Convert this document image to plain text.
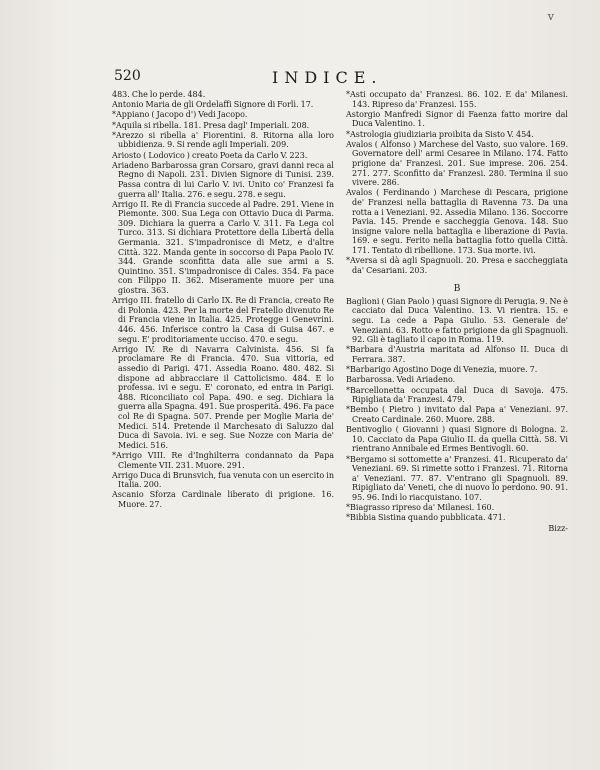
520	INDICE.
v

483. Che lo perde. 484.

Antonio Maria de gli Ordelaffi Signore di Forlì. 17.

*Appiano ( Jacopo d') Vedi Jacopo.

*Aquila si ribella. 181. Presa dagl' Imperiali. 208.

*Arezzo si ribella a' Fiorentini. 8. Ritorna alla loro ubbidienza. 9. Si rende agli Imperiali. 209.

Ariosto ( Lodovico ) creato Poeta da Carlo V. 223.

Ariadeno Barbarossa gran Corsaro, gravi danni reca al Regno di Napoli. 231. Divien Signore di Tunisi. 239. Passa contra di lui Carlo V. ivi. Unito co' Franzesi fa guerra all' Italia. 276. e segu. 278. e segu.

Arrigo II. Re di Francia succede al Padre. 291. Viene in Piemonte. 300. Sua Lega con Ottavio Duca di Parma. 309. Dichiara la guerra a Carlo V. 311. Fa Lega col Turco. 313. Si dichiara Protettore della Libertà della Germania. 321. S'impadronisce di Metz, e d'altre Città. 322. Manda gente in soccorso di Papa Paolo IV. 344. Grande sconfitta data alle sue armi a S. Quintino. 351. S'impadronisce di Cales. 354. Fa pace con Filippo II. 362. Miseramente muore per una giostra. 363.

Arrigo III. fratello di Carlo IX. Re di Francia, creato Re di Polonia. 423. Per la morte del Fratello divenuto Re di Francia viene in Italia. 425. Protegge i Genevrini. 446. 456. Inferisce contro la Casa di Guisa 467. e segu. E' proditoriamente ucciso. 470. e segu.

Arrigo IV. Re di Navarra Calvinista. 456. Si fa proclamare Re di Francia. 470. Sua vittoria, ed assedio di Parigi. 471. Assedia Roano. 480. 482. Si dispone ad abbracciare il Cattolicismo. 484. E lo professa. ivi e segu. E' coronato, ed entra in Parigi. 488. Riconciliato col Papa. 490. e seg. Dichiara la guerra alla Spagna. 491. Sue prosperità. 496. Fa pace col Re di Spagna. 507. Prende per Moglie Maria de' Medici. 514. Pretende il Marchesato di Saluzzo dal Duca di Savoia. ivi. e seg. Sue Nozze con Maria de' Medici. 516.

*Arrigo VIII. Re d'Inghilterra condannato da Papa Clemente VII. 231. Muore. 291.

Arrigo Duca di Brunsvich, fua venuta con un esercito in Italia. 200.

Ascanio Sforza Cardinale liberato di prigione. 16. Muore. 27.

*Asti occupato da' Franzesi. 86. 102. E da' Milanesi. 143. Ripreso da' Franzesi. 155.

Astorgio Manfredi Signor di Faenza fatto morire dal Duca Valentino. 1.

*Astrologia giudiziaria proibita da Sisto V. 454.

Avalos ( Alfonso ) Marchese del Vasto, suo valore. 169. Governatore dell' armi Cesaree in Milano. 174. Fatto prigione da' Franzesi. 201. Sue imprese. 206. 254. 271. 277. Sconfitto da' Franzesi. 280. Termina il suo vivere. 286.

Avalos ( Ferdinando ) Marchese di Pescara, prigione de' Franzesi nella battaglia di Ravenna 73. Da una rotta a i Veneziani. 92. Assedia Milano. 136. Soccorre Pavia. 145. Prende e saccheggia Genova. 148. Suo insigne valore nella battaglia e liberazione di Pavia. 169. e segu. Ferito nella battaglia fotto quella Città. 171. Tentato di ribellione. 173. Sua morte. ivi.

*Aversa si dà agli Spagnuoli. 20. Presa e saccheggiata da' Cesariani. 203.

B

Baglioni ( Gian Paolo ) quasi Signore di Perugia. 9. Ne è cacciato dal Duca Valentino. 13. Vi rientra. 15. e segu. La cede a Papa Giulio. 53. Generale de' Veneziani. 63. Rotto e fatto prigione da gli Spagnuoli. 92. Gli è tagliato il capo in Roma. 119.

*Barbara d'Austria maritata ad Alfonso II. Duca di Ferrara. 387.

*Barbarigo Agostino Doge di Venezia, muore. 7.

Barbarossa. Vedi Ariadeno.

*Barcellonetta occupata dal Duca di Savoja. 475. Ripigliata da' Franzesi. 479.

*Bembo ( Pietro ) invitato dal Papa a' Veneziani. 97. Creato Cardinale. 260. Muore. 288.

Bentivoglio ( Giovanni ) quasi Signore di Bologna. 2. 10. Cacciato da Papa Giulio II. da quella Città. 58. Vi rientrano Annibale ed Ermes Bentivogli. 60.

*Bergamo si sottomette a' Franzesi. 41. Ricuperato da' Veneziani. 69. Si rimette sotto i Franzesi. 71. Ritorna a' Veneziani. 77. 87. V'entrano gli Spagnuoli. 89. Ripigliato da' Veneti, che di nuovo lo perdono. 90. 91. 95. 96. Indi lo riacquistano. 107.

*Biagrasso ripreso da' Milanesi. 160.

*Bibbia Sistina quando pubblicata. 471.

Bizz-
